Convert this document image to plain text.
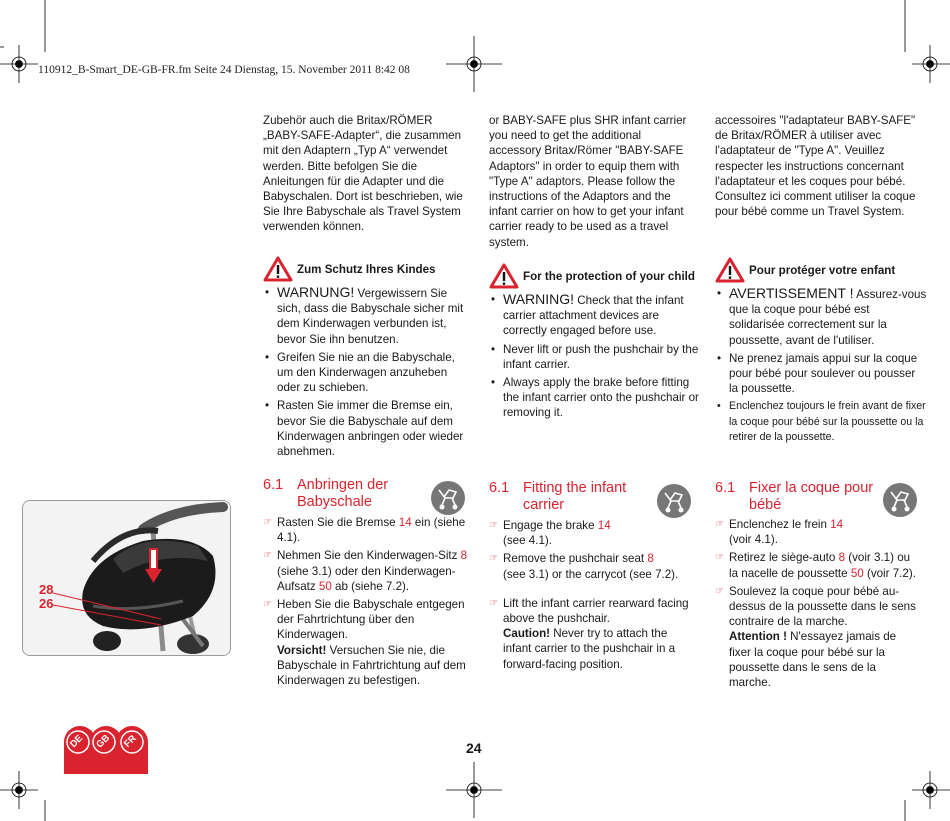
110912_B-Smart_DE-GB-FR.fm Seite 24 Dienstag, 15. November 2011 8:42 08

Zubehör auch die Britax/RÖMER „BABY-SAFE-Adapter“, die zusammen mit den Adaptern „Typ A“ verwendet werden. Bitte befolgen Sie die Anleitungen für die Adapter und die Babyschalen. Dort ist beschrieben, wie Sie Ihre Babyschale als Travel System verwenden können.

or BABY-SAFE plus SHR infant carrier you need to get the additional accessory Britax/Römer "BABY-SAFE Adaptors" in order to equip them with "Type A" adaptors. Please follow the instructions of the Adaptors and the infant carrier on how to get your infant carrier ready to be used as a travel system.

accessoires "l'adaptateur BABY-SAFE" de Britax/RÖMER à utiliser avec l'adaptateur de "Type A". Veuillez respecter les instructions concernant l'adaptateur et les coques pour bébé. Consultez ici comment utiliser la coque pour bébé comme un Travel System.

Zum Schutz Ihres Kindes
For the protection of your child	Pour protéger votre enfant
• WARNUNG! Vergewissern Sie sich, dass die Babyschale sicher mit dem Kinderwagen verbunden ist, bevor Sie ihn benutzen.
• Greifen Sie nie an die Babyschale, um den Kinderwagen anzuheben oder zu schieben.
• Rasten Sie immer die Bremse ein, bevor Sie die Babyschale auf dem Kinderwagen anbringen oder wieder abnehmen.
• WARNING! Check that the infant carrier attachment devices are correctly engaged before use.
• Never lift or push the pushchair by the infant carrier.
• Always apply the brake before fitting the infant carrier onto the pushchair or removing it.
• AVERTISSEMENT ! Assurez-vous que la coque pour bébé est solidarisée correctement sur la poussette, avant de l'utiliser.
• Ne prenez jamais appui sur la coque pour bébé pour soulever ou pousser la poussette.
• Enclenchez toujours le frein avant de fixer la coque pour bébé sur la poussette ou la retirer de la poussette.
6.1 Anbringen der Babyschale
6.1 Fitting the infant carrier
6.1 Fixer la coque pour bébé
☞ Rasten Sie die Bremse 14 ein (siehe 4.1).
☞ Nehmen Sie den Kinderwagen-Sitz 8 (siehe 3.1) oder den Kinderwagen-Aufsatz 50 ab (siehe 7.2).
☞ Heben Sie die Babyschale entgegen der Fahrtrichtung über den Kinderwagen.
Vorsicht! Versuchen Sie nie, die Babyschale in Fahrtrichtung auf dem Kinderwagen zu befestigen.
☞ Engage the brake 14
(see 4.1).
☞ Remove the pushchair seat 8
(see 3.1) or the carrycot (see 7.2).
☞ Lift the infant carrier rearward facing above the pushchair.
Caution! Never try to attach the infant carrier to the pushchair in a forward-facing position.
☞ Enclenchez le frein 14
(voir 4.1).
☞ Retirez le siège-auto 8 (voir 3.1) ou la nacelle de poussette 50 (voir 7.2).
☞ Soulevez la coque pour bébé au-dessus de la poussette dans le sens contraire de la marche.
Attention ! N'essayez jamais de fixer la coque pour bébé sur la poussette dans le sens de la marche.
28
26
DE GB FR	24
